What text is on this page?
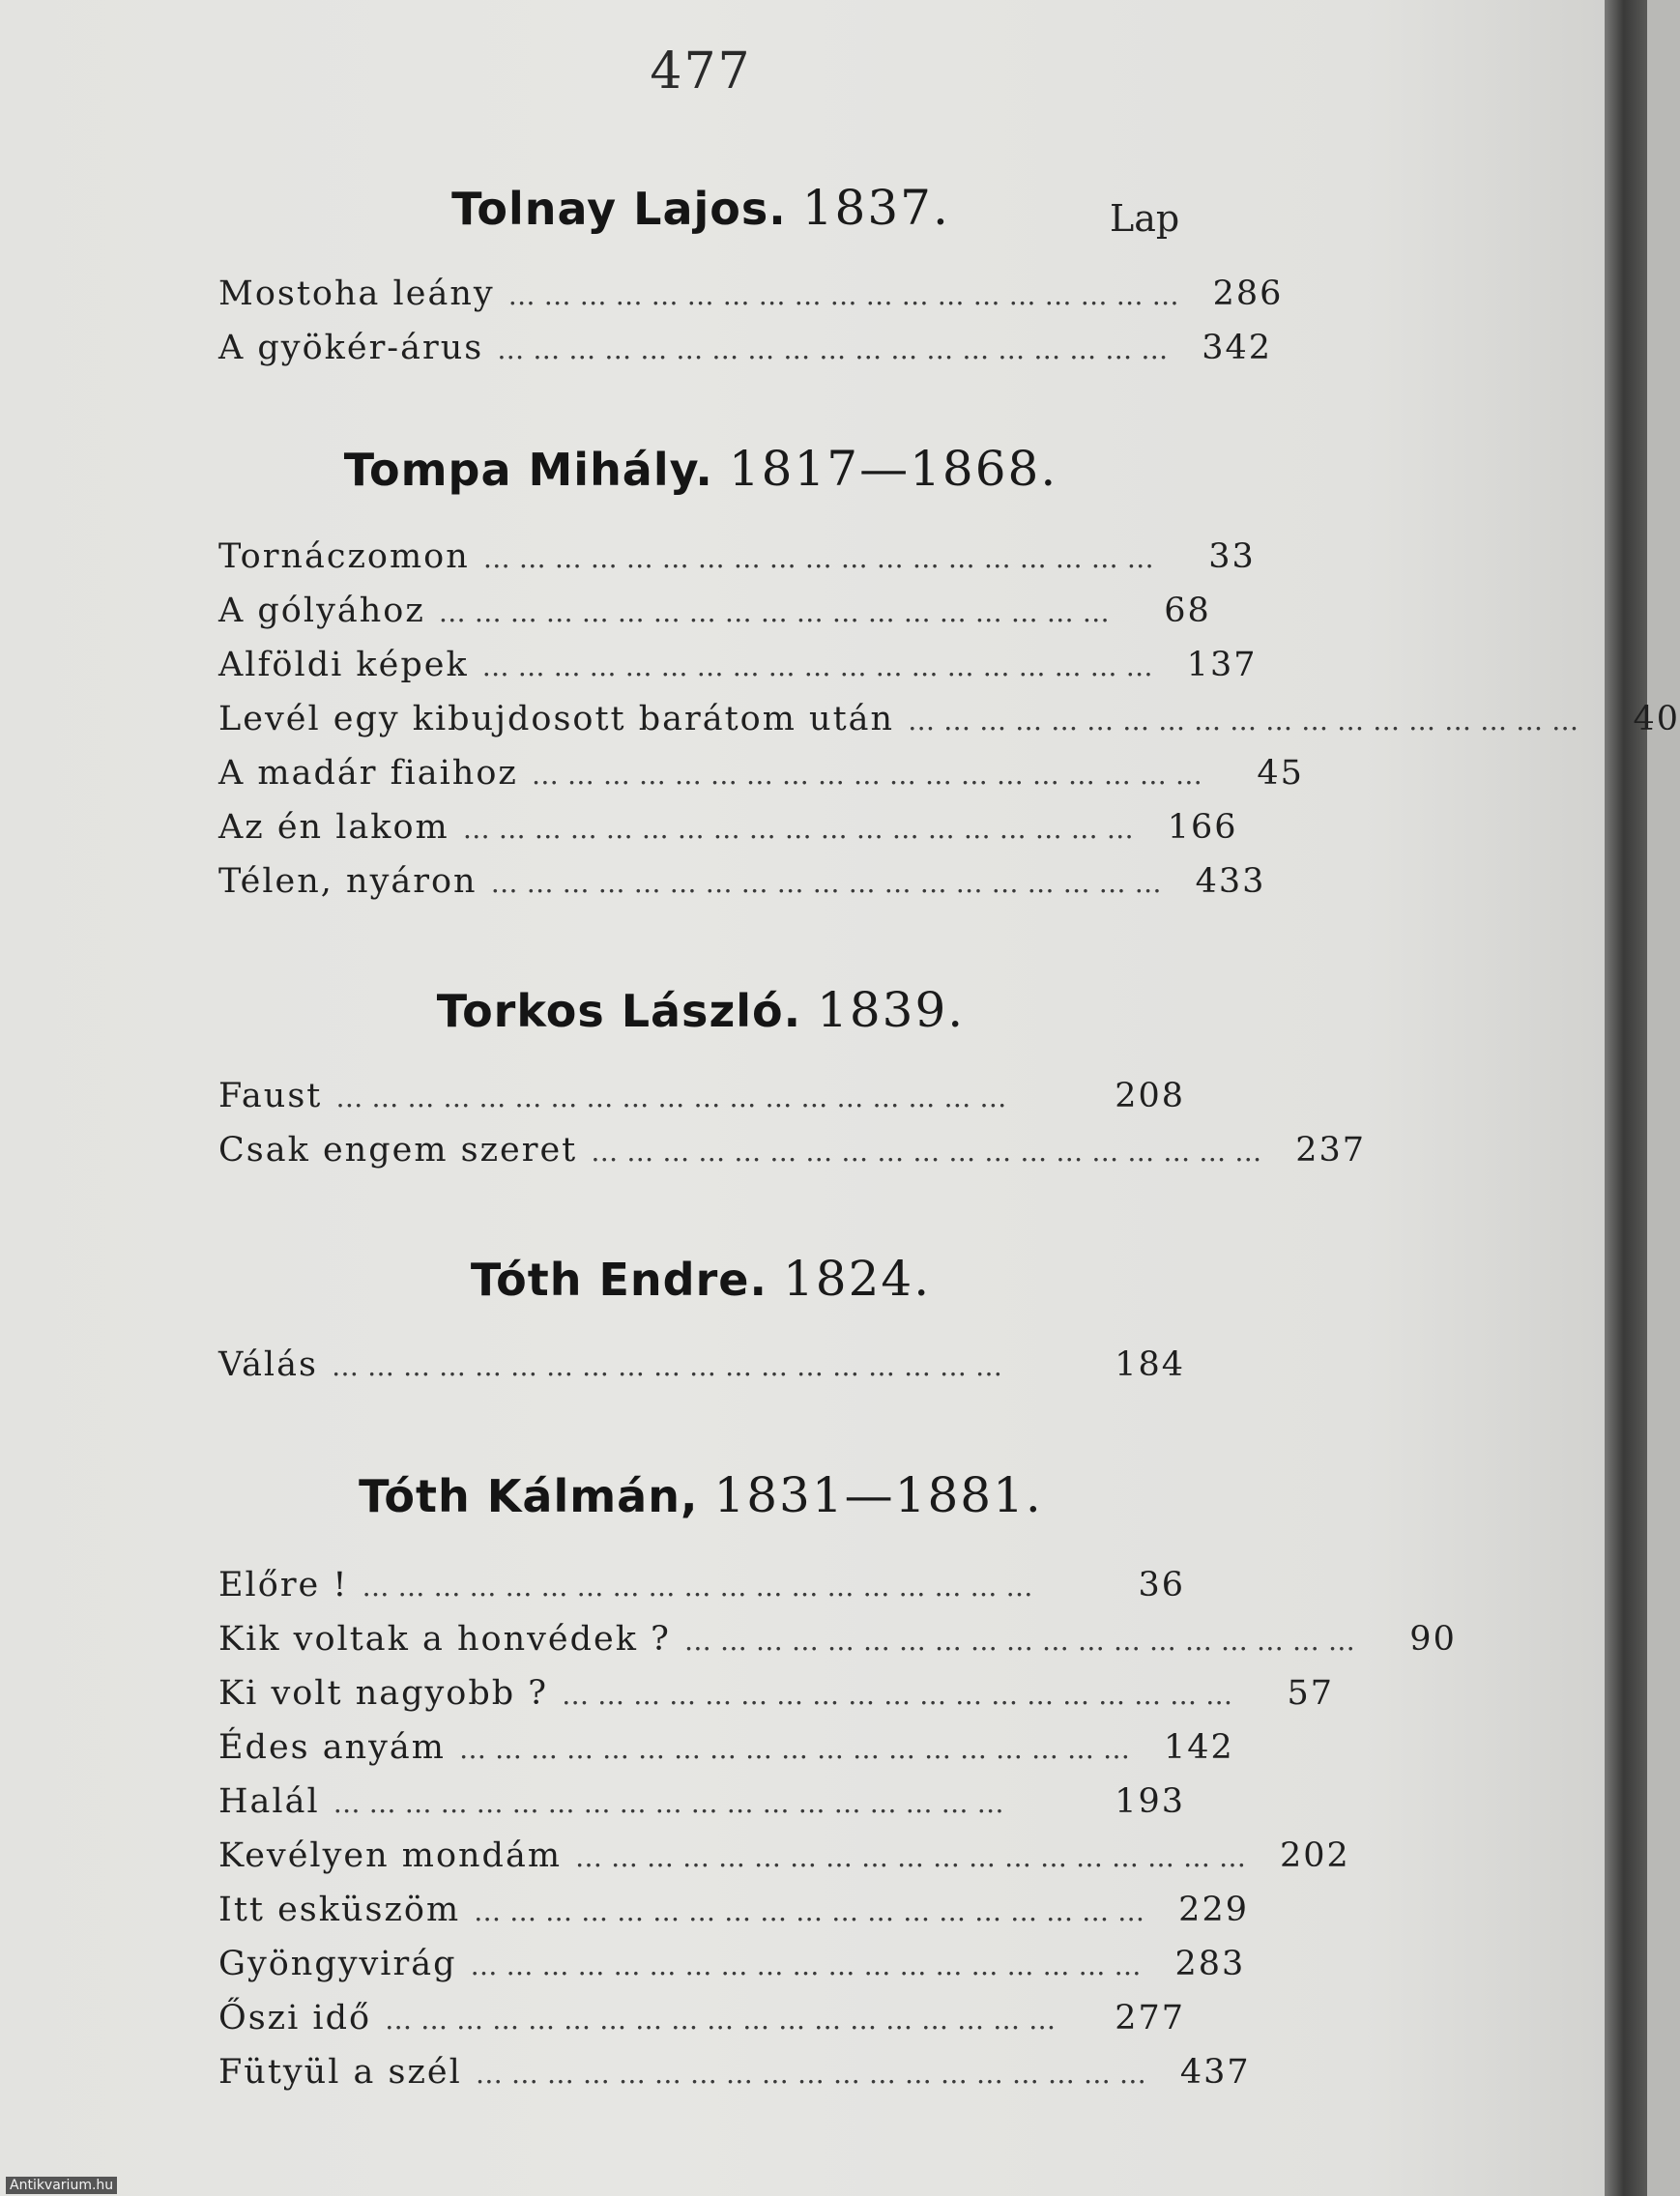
477
Lap
Tolnay Lajos. 1837.
Mostoha leány ………………………………………………… 286
A gyökér-árus ………………………………………………… 342
Tompa Mihály. 1817—1868.
Tornáczomon …………………………………………………	33
A gólyához …………………………………………………	68
Alföldi képek ………………………………………………… 137
Levél egy kibujdosott barátom után …………………………………………………	40
A madár fiaihoz …………………………………………………	45
Az én lakom ………………………………………………… 166
Télen, nyáron ………………………………………………… 433
Torkos László. 1839.
Faust …………………………………………………	208
Csak engem szeret ………………………………………………… 237
Tóth Endre. 1824.
Válás …………………………………………………	184
Tóth Kálmán, 1831—1881.
Előre ! …………………………………………………	36
Kik voltak a honvédek ? …………………………………………………	90
Ki volt nagyobb ? …………………………………………………	57
Édes anyám ………………………………………………… 142
Halál …………………………………………………	193
Kevélyen mondám ………………………………………………… 202
Itt esküszöm ………………………………………………… 229
Gyöngyvirág ………………………………………………… 283
Őszi idő …………………………………………………	277
Fütyül a szél ………………………………………………… 437
Antikvarium.hu
